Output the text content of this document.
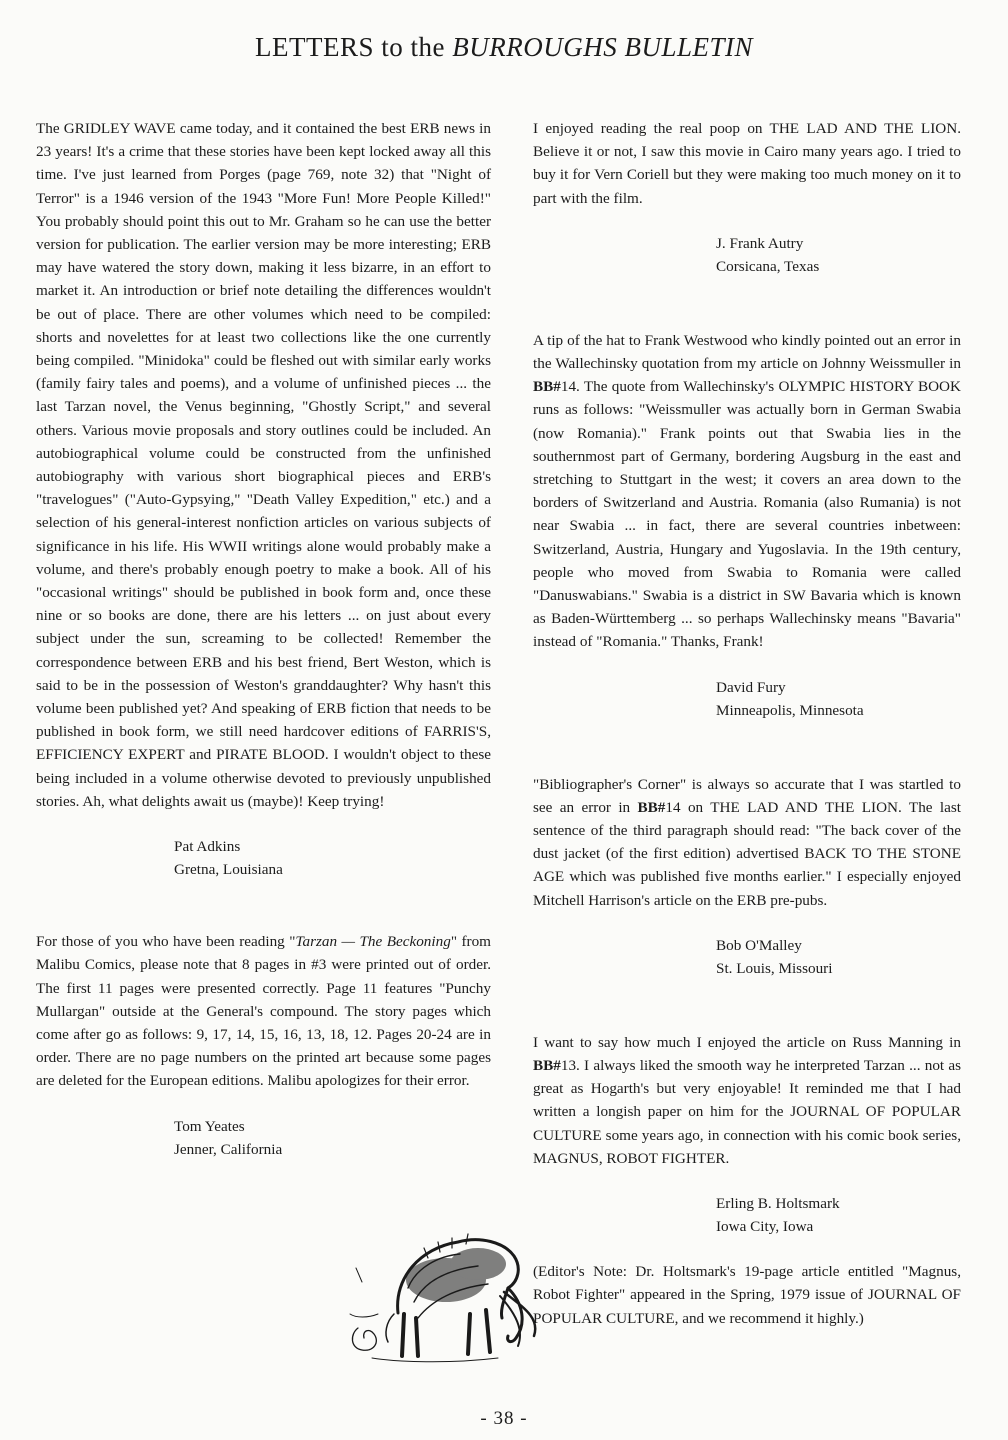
LETTERS to the BURROUGHS BULLETIN

The GRIDLEY WAVE came today, and it contained the best ERB news in 23 years! It's a crime that these stories have been kept locked away all this time. I've just learned from Porges (page 769, note 32) that "Night of Terror" is a 1946 version of the 1943 "More Fun! More People Killed!" You probably should point this out to Mr. Graham so he can use the better version for publication. The earlier version may be more interesting; ERB may have watered the story down, making it less bizarre, in an effort to market it. An introduction or brief note detailing the differences wouldn't be out of place. There are other volumes which need to be compiled: shorts and novelettes for at least two collections like the one currently being compiled. "Minidoka" could be fleshed out with similar early works (family fairy tales and poems), and a volume of unfinished pieces ... the last Tarzan novel, the Venus beginning, "Ghostly Script," and several others. Various movie proposals and story outlines could be included. An autobiographical volume could be constructed from the unfinished autobiography with various short biographical pieces and ERB's "travelogues" ("Auto-Gypsying," "Death Valley Expedition," etc.) and a selection of his general-interest nonfiction articles on various subjects of significance in his life. His WWII writings alone would probably make a volume, and there's probably enough poetry to make a book. All of his "occasional writings" should be published in book form and, once these nine or so books are done, there are his letters ... on just about every subject under the sun, screaming to be collected! Remember the correspondence between ERB and his best friend, Bert Weston, which is said to be in the possession of Weston's granddaughter? Why hasn't this volume been published yet? And speaking of ERB fiction that needs to be published in book form, we still need hardcover editions of FARRIS'S, EFFICIENCY EXPERT and PIRATE BLOOD. I wouldn't object to these being included in a volume otherwise devoted to previously unpublished stories. Ah, what delights await us (maybe)! Keep trying!

Pat Adkins
Gretna, Louisiana

For those of you who have been reading "Tarzan — The Beckoning" from Malibu Comics, please note that 8 pages in #3 were printed out of order. The first 11 pages were presented correctly. Page 11 features "Punchy Mullargan" outside at the General's compound. The story pages which come after go as follows: 9, 17, 14, 15, 16, 13, 18, 12. Pages 20-24 are in order. There are no page numbers on the printed art because some pages are deleted for the European editions. Malibu apologizes for their error.

Tom Yeates
Jenner, California

I enjoyed reading the real poop on THE LAD AND THE LION. Believe it or not, I saw this movie in Cairo many years ago. I tried to buy it for Vern Coriell but they were making too much money on it to part with the film.

J. Frank Autry
Corsicana, Texas

A tip of the hat to Frank Westwood who kindly pointed out an error in the Wallechinsky quotation from my article on Johnny Weissmuller in BB#14. The quote from Wallechinsky's OLYMPIC HISTORY BOOK runs as follows: "Weissmuller was actually born in German Swabia (now Romania)." Frank points out that Swabia lies in the southernmost part of Germany, bordering Augsburg in the east and stretching to Stuttgart in the west; it covers an area down to the borders of Switzerland and Austria. Romania (also Rumania) is not near Swabia ... in fact, there are several countries inbetween: Switzerland, Austria, Hungary and Yugoslavia. In the 19th century, people who moved from Swabia to Romania were called "Danuswabians." Swabia is a district in SW Bavaria which is known as Baden-Württemberg ... so perhaps Wallechinsky means "Bavaria" instead of "Romania." Thanks, Frank!

David Fury
Minneapolis, Minnesota

"Bibliographer's Corner" is always so accurate that I was startled to see an error in BB#14 on THE LAD AND THE LION. The last sentence of the third paragraph should read: "The back cover of the dust jacket (of the first edition) advertised BACK TO THE STONE AGE which was published five months earlier." I especially enjoyed Mitchell Harrison's article on the ERB pre-pubs.

Bob O'Malley
St. Louis, Missouri

I want to say how much I enjoyed the article on Russ Manning in BB#13. I always liked the smooth way he interpreted Tarzan ... not as great as Hogarth's but very enjoyable! It reminded me that I had written a longish paper on him for the JOURNAL OF POPULAR CULTURE some years ago, in connection with his comic book series, MAGNUS, ROBOT FIGHTER.

Erling B. Holtsmark
Iowa City, Iowa

(Editor's Note: Dr. Holtsmark's 19-page article entitled "Magnus, Robot Fighter" appeared in the Spring, 1979 issue of JOURNAL OF POPULAR CULTURE, and we recommend it highly.)

- 38 -
